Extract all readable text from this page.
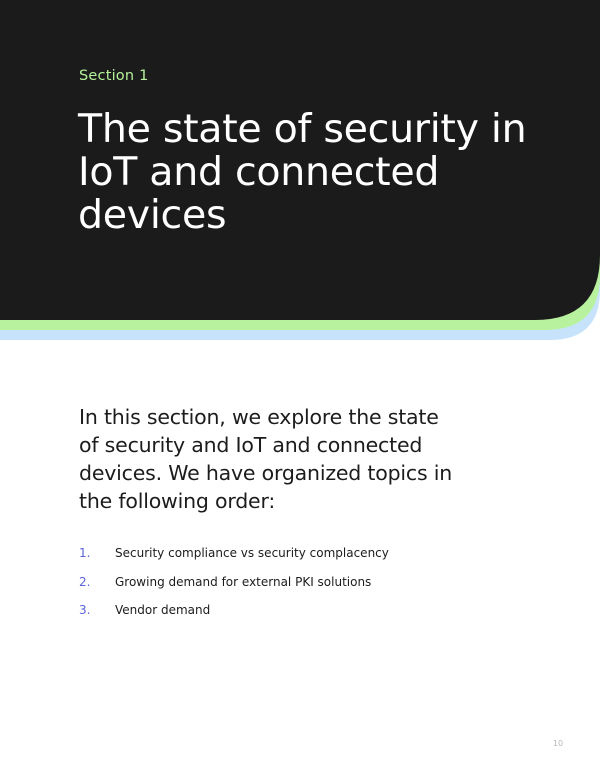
Section 1

The state of security in IoT and connected devices

In this section, we explore the state of security and IoT and connected devices. We have organized topics in the following order:

1.	Security compliance vs security complacency
2.	Growing demand for external PKI solutions
3.	Vendor demand
10
